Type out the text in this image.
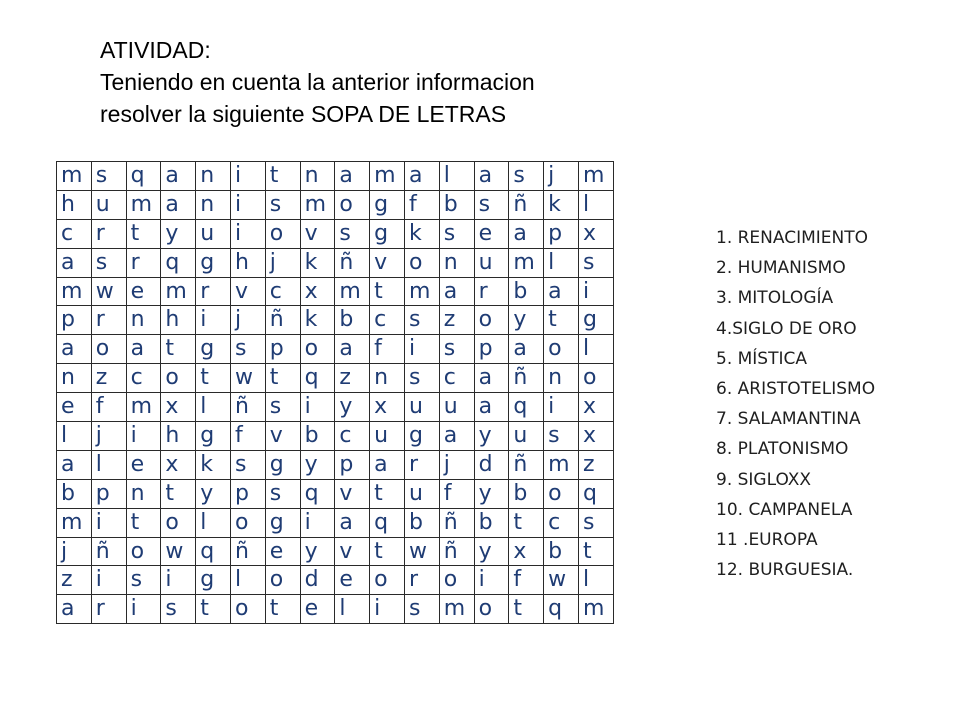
ATIVIDAD:
Teniendo en cuenta la anterior informacion
resolver la siguiente SOPA DE LETRAS
m	s	q	a	n	i	t	n	a	m	a	l	a	s	j	m
h	u	m	a	n	i	s	m	o	g	f	b	s	ñ	k	l
c	r	t	y	u	i	o	v	s	g	k	s	e	a	p	x
a	s	r	q	g	h	j	k	ñ	v	o	n	u	m	l	s
m	w	e	m	r	v	c	x	m	t	m	a	r	b	a	i
p	r	n	h	i	j	ñ	k	b	c	s	z	o	y	t	g
a	o	a	t	g	s	p	o	a	f	i	s	p	a	o	l
n	z	c	o	t	w	t	q	z	n	s	c	a	ñ	n	o
e	f	m	x	l	ñ	s	i	y	x	u	u	a	q	i	x
l	j	i	h	g	f	v	b	c	u	g	a	y	u	s	x
a	l	e	x	k	s	g	y	p	a	r	j	d	ñ	m	z
b	p	n	t	y	p	s	q	v	t	u	f	y	b	o	q
m	i	t	o	l	o	g	i	a	q	b	ñ	b	t	c	s
j	ñ	o	w	q	ñ	e	y	v	t	w	ñ	y	x	b	t
z	i	s	i	g	l	o	d	e	o	r	o	i	f	w	l
a	r	i	s	t	o	t	e	l	i	s	m	o	t	q	m
1. RENACIMIENTO
2. HUMANISMO
3. MITOLOGÍA
4.SIGLO DE ORO
5. MÍSTICA
6. ARISTOTELISMO
7. SALAMANTINA
8. PLATONISMO
9. SIGLOXX
10. CAMPANELA
11 .EUROPA
12. BURGUESIA.
